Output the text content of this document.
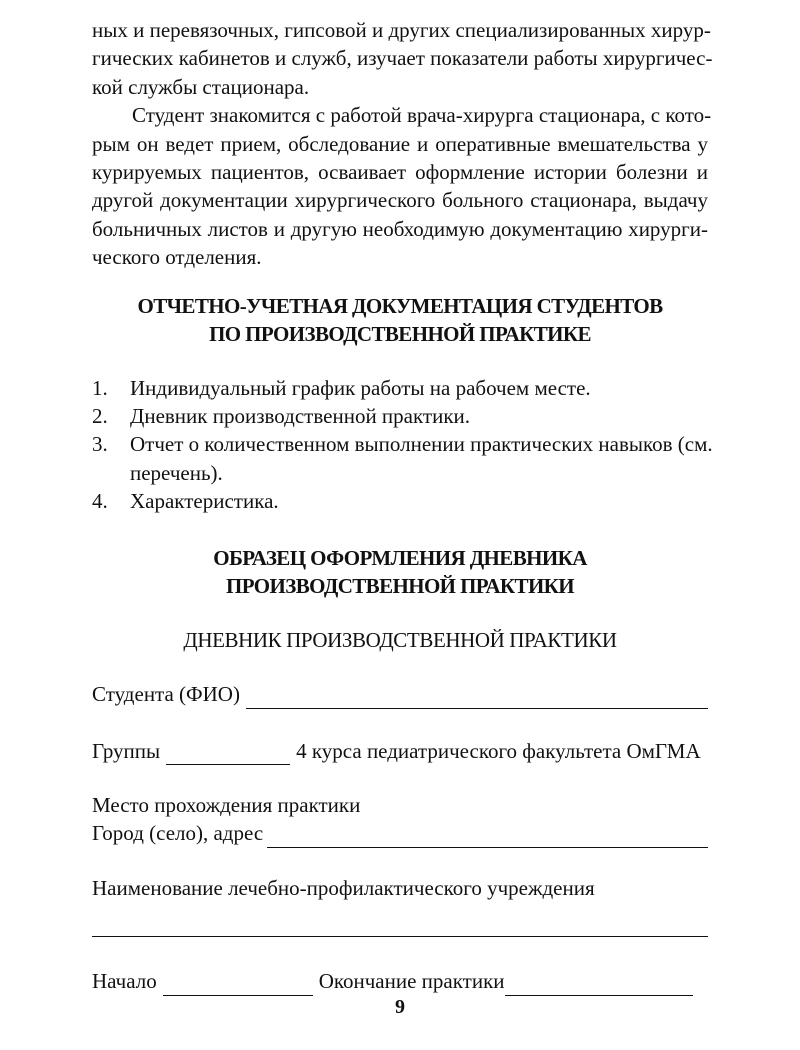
ных и перевязочных, гипсовой и других специализированных хирур-
гических кабинетов и служб, изучает показатели работы хирургичес-
кой службы стационара.

Студент знакомится с работой врача-хирурга стационара, с кото-
рым он ведет прием, обследование и оперативные вмешательства у
курируемых пациентов, осваивает оформление истории болезни и
другой документации хирургического больного стационара, выдачу
больничных листов и другую необходимую документацию хирурги-
ческого отделения.

ОТЧЕТНО-УЧЕТНАЯ ДОКУМЕНТАЦИЯ СТУДЕНТОВ
ПО ПРОИЗВОДСТВЕННОЙ ПРАКТИКЕ
1. Индивидуальный график работы на рабочем месте.
2. Дневник производственной практики.
3. Отчет о количественном выполнении практических навыков (см.
перечень).
4. Характеристика.
ОБРАЗЕЦ ОФОРМЛЕНИЯ ДНЕВНИКА
ПРОИЗВОДСТВЕННОЙ ПРАКТИКИ
ДНЕВНИК ПРОИЗВОДСТВЕННОЙ ПРАКТИКИ
Студента (ФИО)
Группы	4 курса педиатрического факультета ОмГМА
Место прохождения практики
Город (село), адрес
Наименование лечебно-профилактического учреждения
Начало	Окончание практики
9
